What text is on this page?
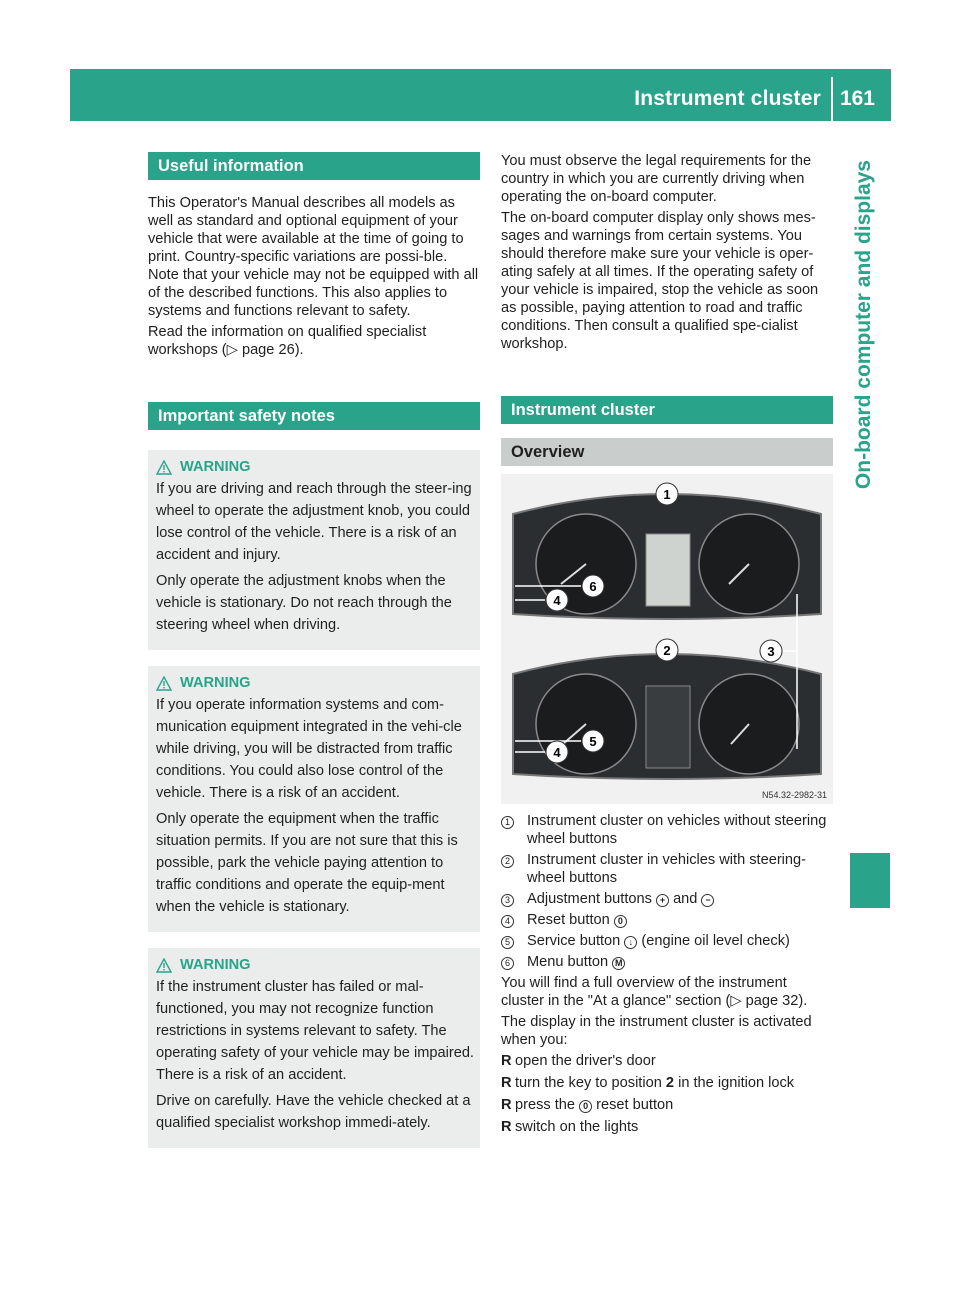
Instrument cluster 161
On-board computer and displays
Useful information

This Operator's Manual describes all models as well as standard and optional equipment of your vehicle that were available at the time of going to print. Country-specific variations are possi-ble. Note that your vehicle may not be equipped with all of the described functions. This also applies to systems and functions relevant to safety.

Read the information on qualified specialist workshops (▷ page 26).

Important safety notes
WARNING

If you are driving and reach through the steer-ing wheel to operate the adjustment knob, you could lose control of the vehicle. There is a risk of an accident and injury.

Only operate the adjustment knobs when the vehicle is stationary. Do not reach through the steering wheel when driving.

WARNING

If you operate information systems and com-munication equipment integrated in the vehi-cle while driving, you will be distracted from traffic conditions. You could also lose control of the vehicle. There is a risk of an accident.

Only operate the equipment when the traffic situation permits. If you are not sure that this is possible, park the vehicle paying attention to traffic conditions and operate the equip-ment when the vehicle is stationary.

WARNING

If the instrument cluster has failed or mal-functioned, you may not recognize function restrictions in systems relevant to safety. The operating safety of your vehicle may be impaired. There is a risk of an accident.

Drive on carefully. Have the vehicle checked at a qualified specialist workshop immedi-ately.

You must observe the legal requirements for the country in which you are currently driving when operating the on-board computer.

The on-board computer display only shows mes-sages and warnings from certain systems. You should therefore make sure your vehicle is oper-ating safely at all times. If the operating safety of your vehicle is impaired, stop the vehicle as soon as possible, paying attention to road and traffic conditions. Then consult a qualified spe-cialist workshop.

Instrument cluster
Overview
1
2	3
4
5
6
4
N54.32-2982-31
1	Instrument cluster on vehicles without steering wheel buttons
2	Instrument cluster in vehicles with steering-wheel buttons
3	Adjustment buttons + and −
4	Reset button 0
5	Service button ↓ (engine oil level check)
6	Menu button M

You will find a full overview of the instrument cluster in the "At a glance" section (▷ page 32).

The display in the instrument cluster is activated when you:

R open the driver's door
R turn the key to position 2 in the ignition lock
R press the 0 reset button
R switch on the lights
